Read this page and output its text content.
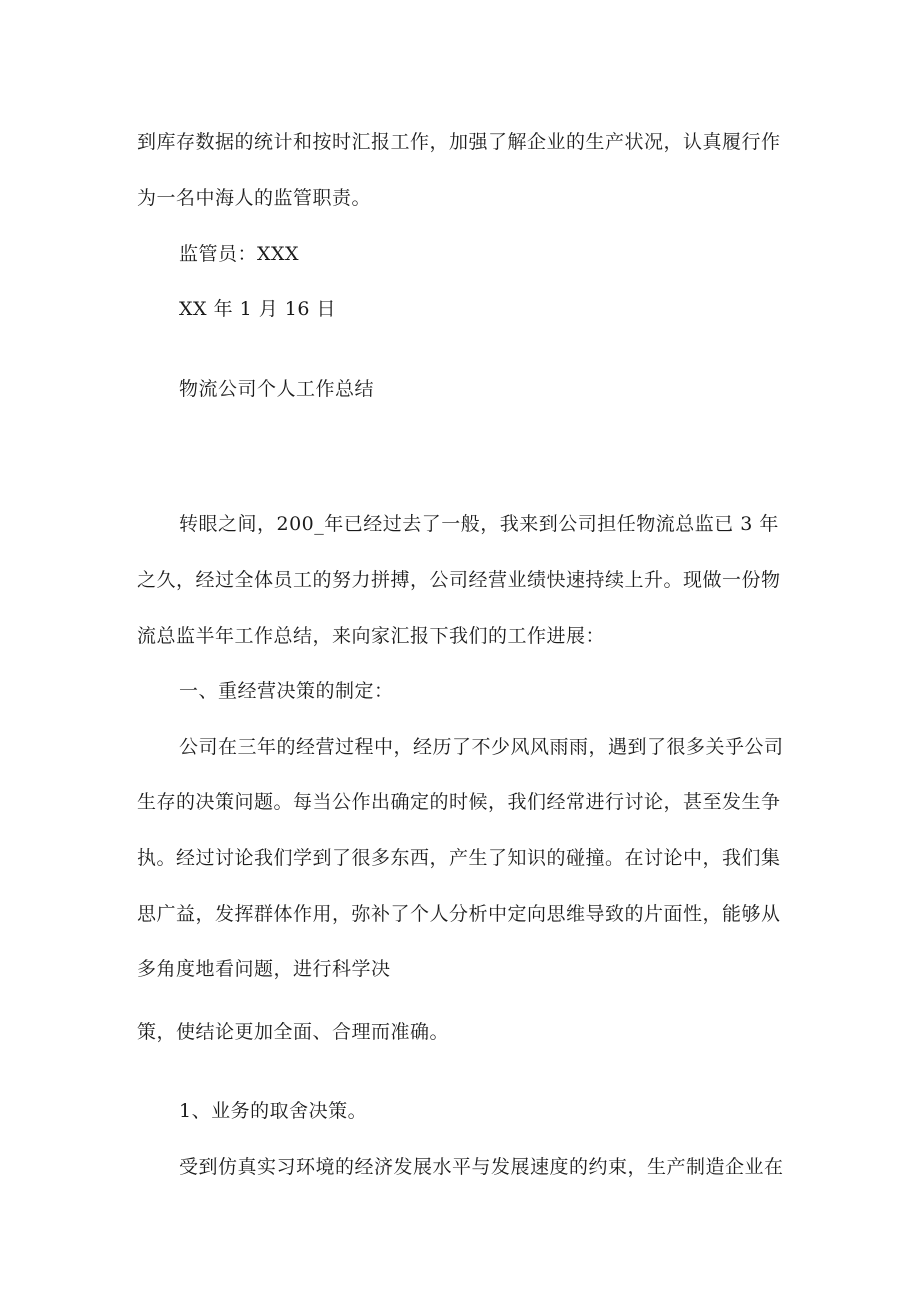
到库存数据的统计和按时汇报工作，加强了解企业的生产状况，认真履行作
为一名中海人的监管职责。
监管员：XXX
XX 年 1 月 16 日
物流公司个人工作总结
转眼之间，200_年已经过去了一般，我来到公司担任物流总监已 3 年
之久，经过全体员工的努力拼搏，公司经营业绩快速持续上升。现做一份物
流总监半年工作总结，来向家汇报下我们的工作进展：
一、重经营决策的制定：
公司在三年的经营过程中，经历了不少风风雨雨，遇到了很多关乎公司
生存的决策问题。每当公作出确定的时候，我们经常进行讨论，甚至发生争
执。经过讨论我们学到了很多东西，产生了知识的碰撞。在讨论中，我们集
思广益，发挥群体作用，弥补了个人分析中定向思维导致的片面性，能够从
多角度地看问题，进行科学决
策，使结论更加全面、合理而准确。
1、业务的取舍决策。
受到仿真实习环境的经济发展水平与发展速度的约束，生产制造企业在
